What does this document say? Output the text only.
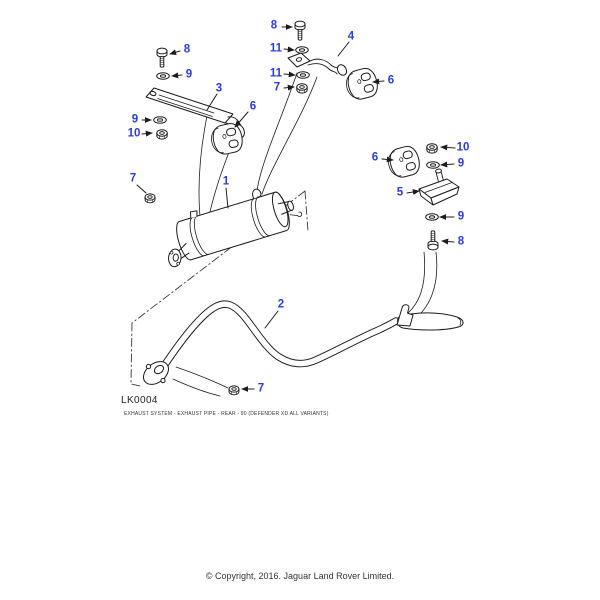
8
9
3
9
10
6
8
11
4
11
7
6
6
10
9
5
9
8
7	1
2
7
LK0004
EXHAUST SYSTEM - EXHAUST PIPE - REAR - 90 (DEFENDER XD ALL VARIANTS)
© Copyright, 2016. Jaguar Land Rover Limited.
